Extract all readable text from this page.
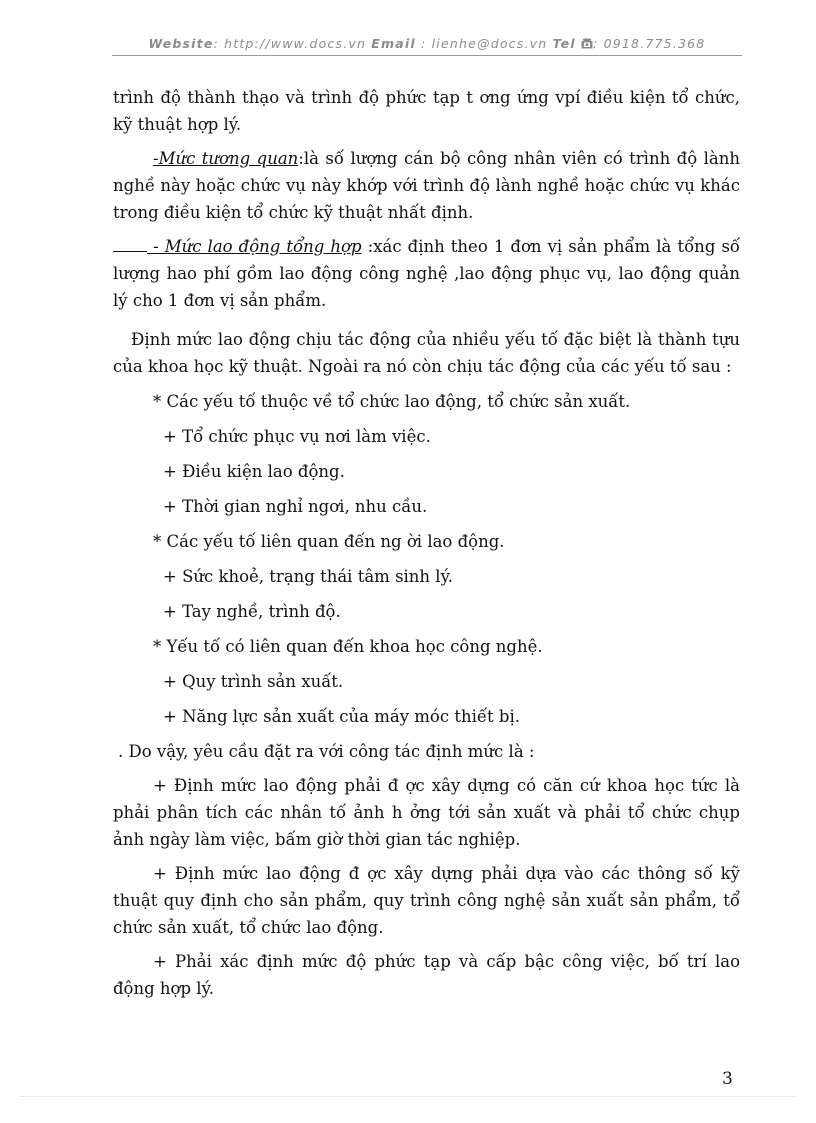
Website: http://www.docs.vn Email : lienhe@docs.vn Tel : 0918.775.368

trình độ thành thạo và trình độ phức tạp t ơng ứng vpí điều kiện tổ chức, kỹ thuật hợp lý.

-Mức tương quan:là số lượng cán bộ công nhân viên có trình độ lành nghề này hoặc chức vụ này khớp với trình độ lành nghề hoặc chức vụ khác trong điều kiện tổ chức kỹ thuật nhất định.

- Mức lao động tổng hợp :xác định theo 1 đơn vị sản phẩm là tổng số lượng hao phí gồm lao động công nghệ ,lao động phục vụ, lao động quản lý cho 1 đơn vị sản phẩm.

Định mức lao động chịu tác động của nhiều yếu tố đặc biệt là thành tựu của khoa học kỹ thuật. Ngoài ra nó còn chịu tác động của các yếu tố sau :

* Các yếu tố thuộc về tổ chức lao động, tổ chức sản xuất.

+ Tổ chức phục vụ nơi làm việc.

+ Điều kiện lao động.

+ Thời gian nghỉ ngơi, nhu cầu.

* Các yếu tố liên quan đến ng ời lao động.

+ Sức khoẻ, trạng thái tâm sinh lý.

+ Tay nghề, trình độ.

* Yếu tố có liên quan đến khoa học công nghệ.

+ Quy trình sản xuất.

+ Năng lực sản xuất của máy móc thiết bị.

. Do vậy, yêu cầu đặt ra với công tác định mức là :

+ Định mức lao động phải đ ợc xây dựng có căn cứ khoa học tức là phải phân tích các nhân tố ảnh h ởng tới sản xuất và phải tổ chức chụp ảnh ngày làm việc, bấm giờ thời gian tác nghiệp.

+ Định mức lao động đ ợc xây dựng phải dựa vào các thông số kỹ thuật quy định cho sản phẩm, quy trình công nghệ sản xuất sản phẩm, tổ chức sản xuất, tổ chức lao động.

+ Phải xác định mức độ phức tạp và cấp bậc công việc, bố trí lao động hợp lý.

3
